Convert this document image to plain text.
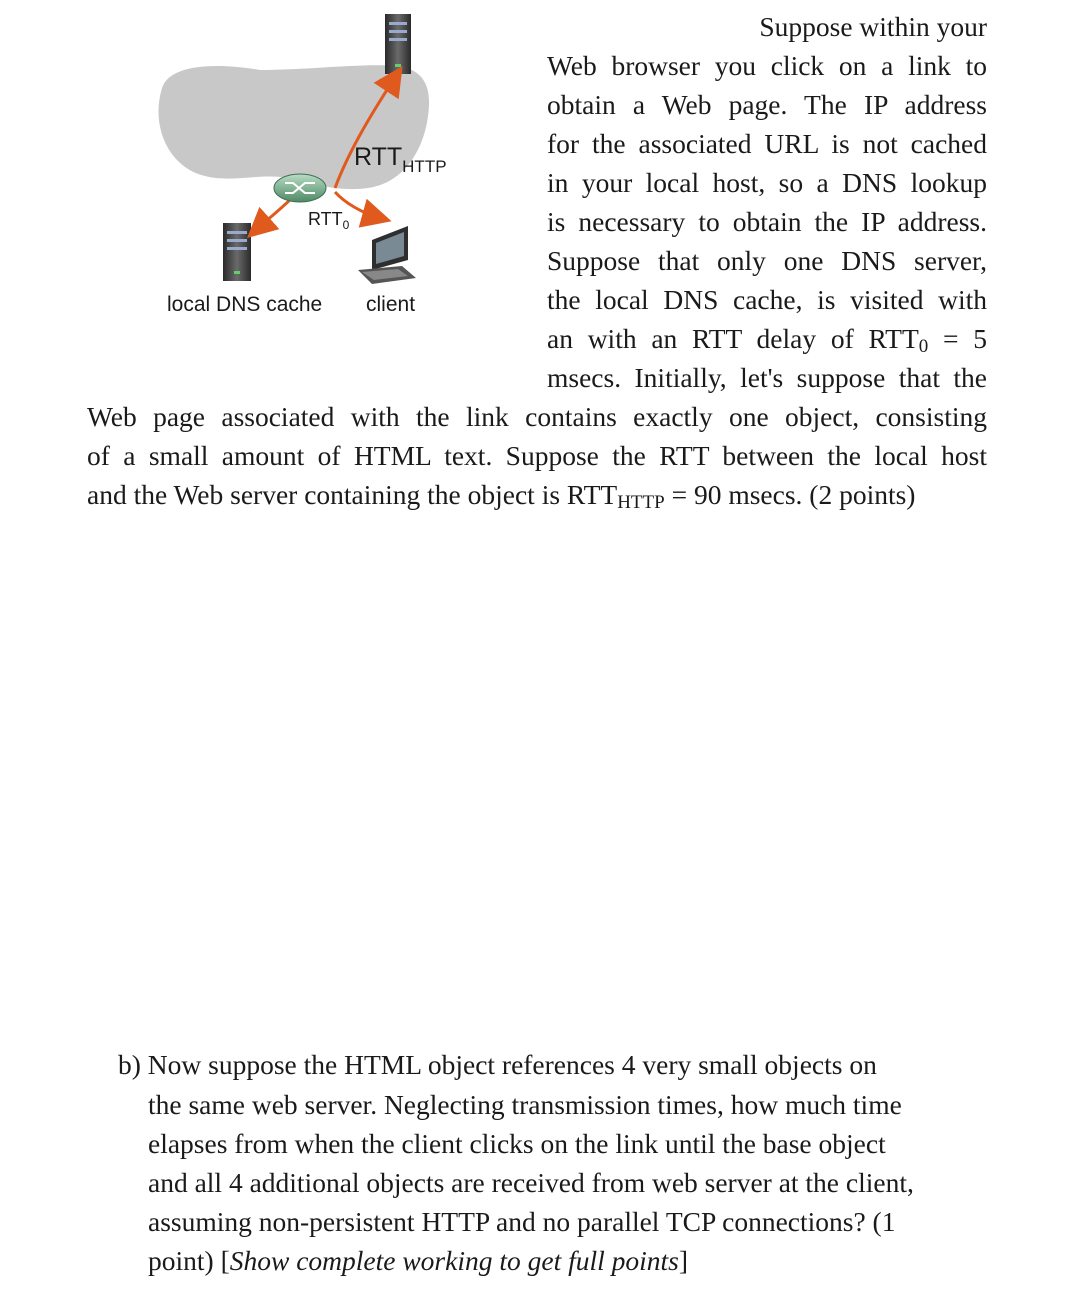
$RTT_{HTTP}$
$RTT_0$
local DNS cache client
Suppose within your
Web browser you click on a link to
obtain a Web page. The IP address
for the associated URL is not cached
in your local host, so a DNS lookup
is necessary to obtain the IP address.
Suppose that only one DNS server,
the local DNS cache, is visited with
an with an RTT delay of $RTT_0 = 5$
msecs. Initially, let's suppose that the
Web page associated with the link contains exactly one object, consisting
of a small amount of HTML text. Suppose the RTT between the local host
and the Web server containing the object is $RTT_{HTTP} = 90$ msecs. (2 points)
b) Now suppose the HTML object references 4 very small objects on
the same web server. Neglecting transmission times, how much time
elapses from when the client clicks on the link until the base object
and all 4 additional objects are received from web server at the client,
assuming non-persistent HTTP and no parallel TCP connections? (1
point) [Show complete working to get full points]
